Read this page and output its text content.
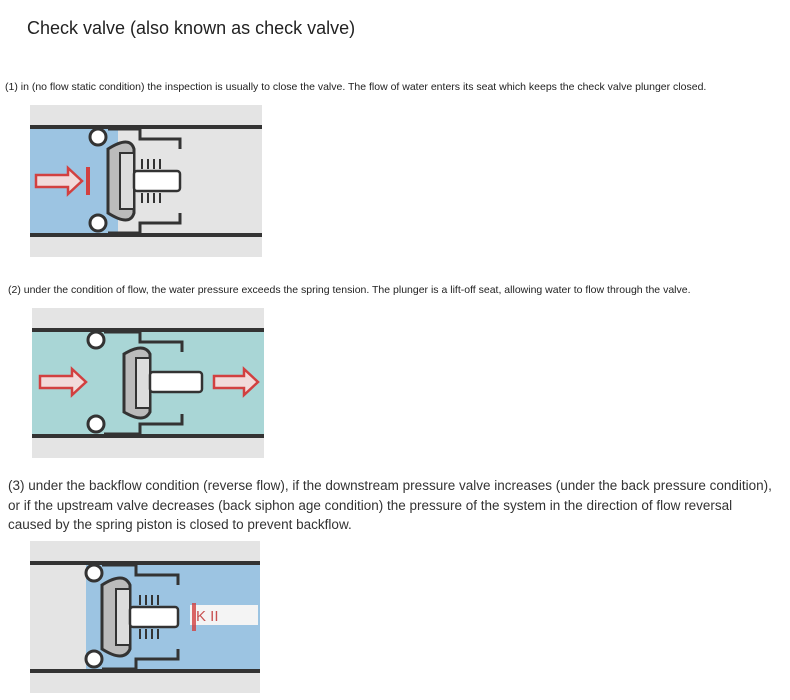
Check valve (also known as check valve)
(1) in (no flow static condition) the inspection is usually to close the valve. The flow of water enters its seat which keeps the check valve plunger closed.
(2) under the condition of flow, the water pressure exceeds the spring tension. The plunger is a lift-off seat, allowing water to flow through the valve.
(3) under the backflow condition (reverse flow), if the downstream pressure valve increases (under the back pressure condition), or if the upstream valve decreases (back siphon age condition) the pressure of the system in the direction of flow reversal caused by the spring piston is closed to prevent backflow.
K II
